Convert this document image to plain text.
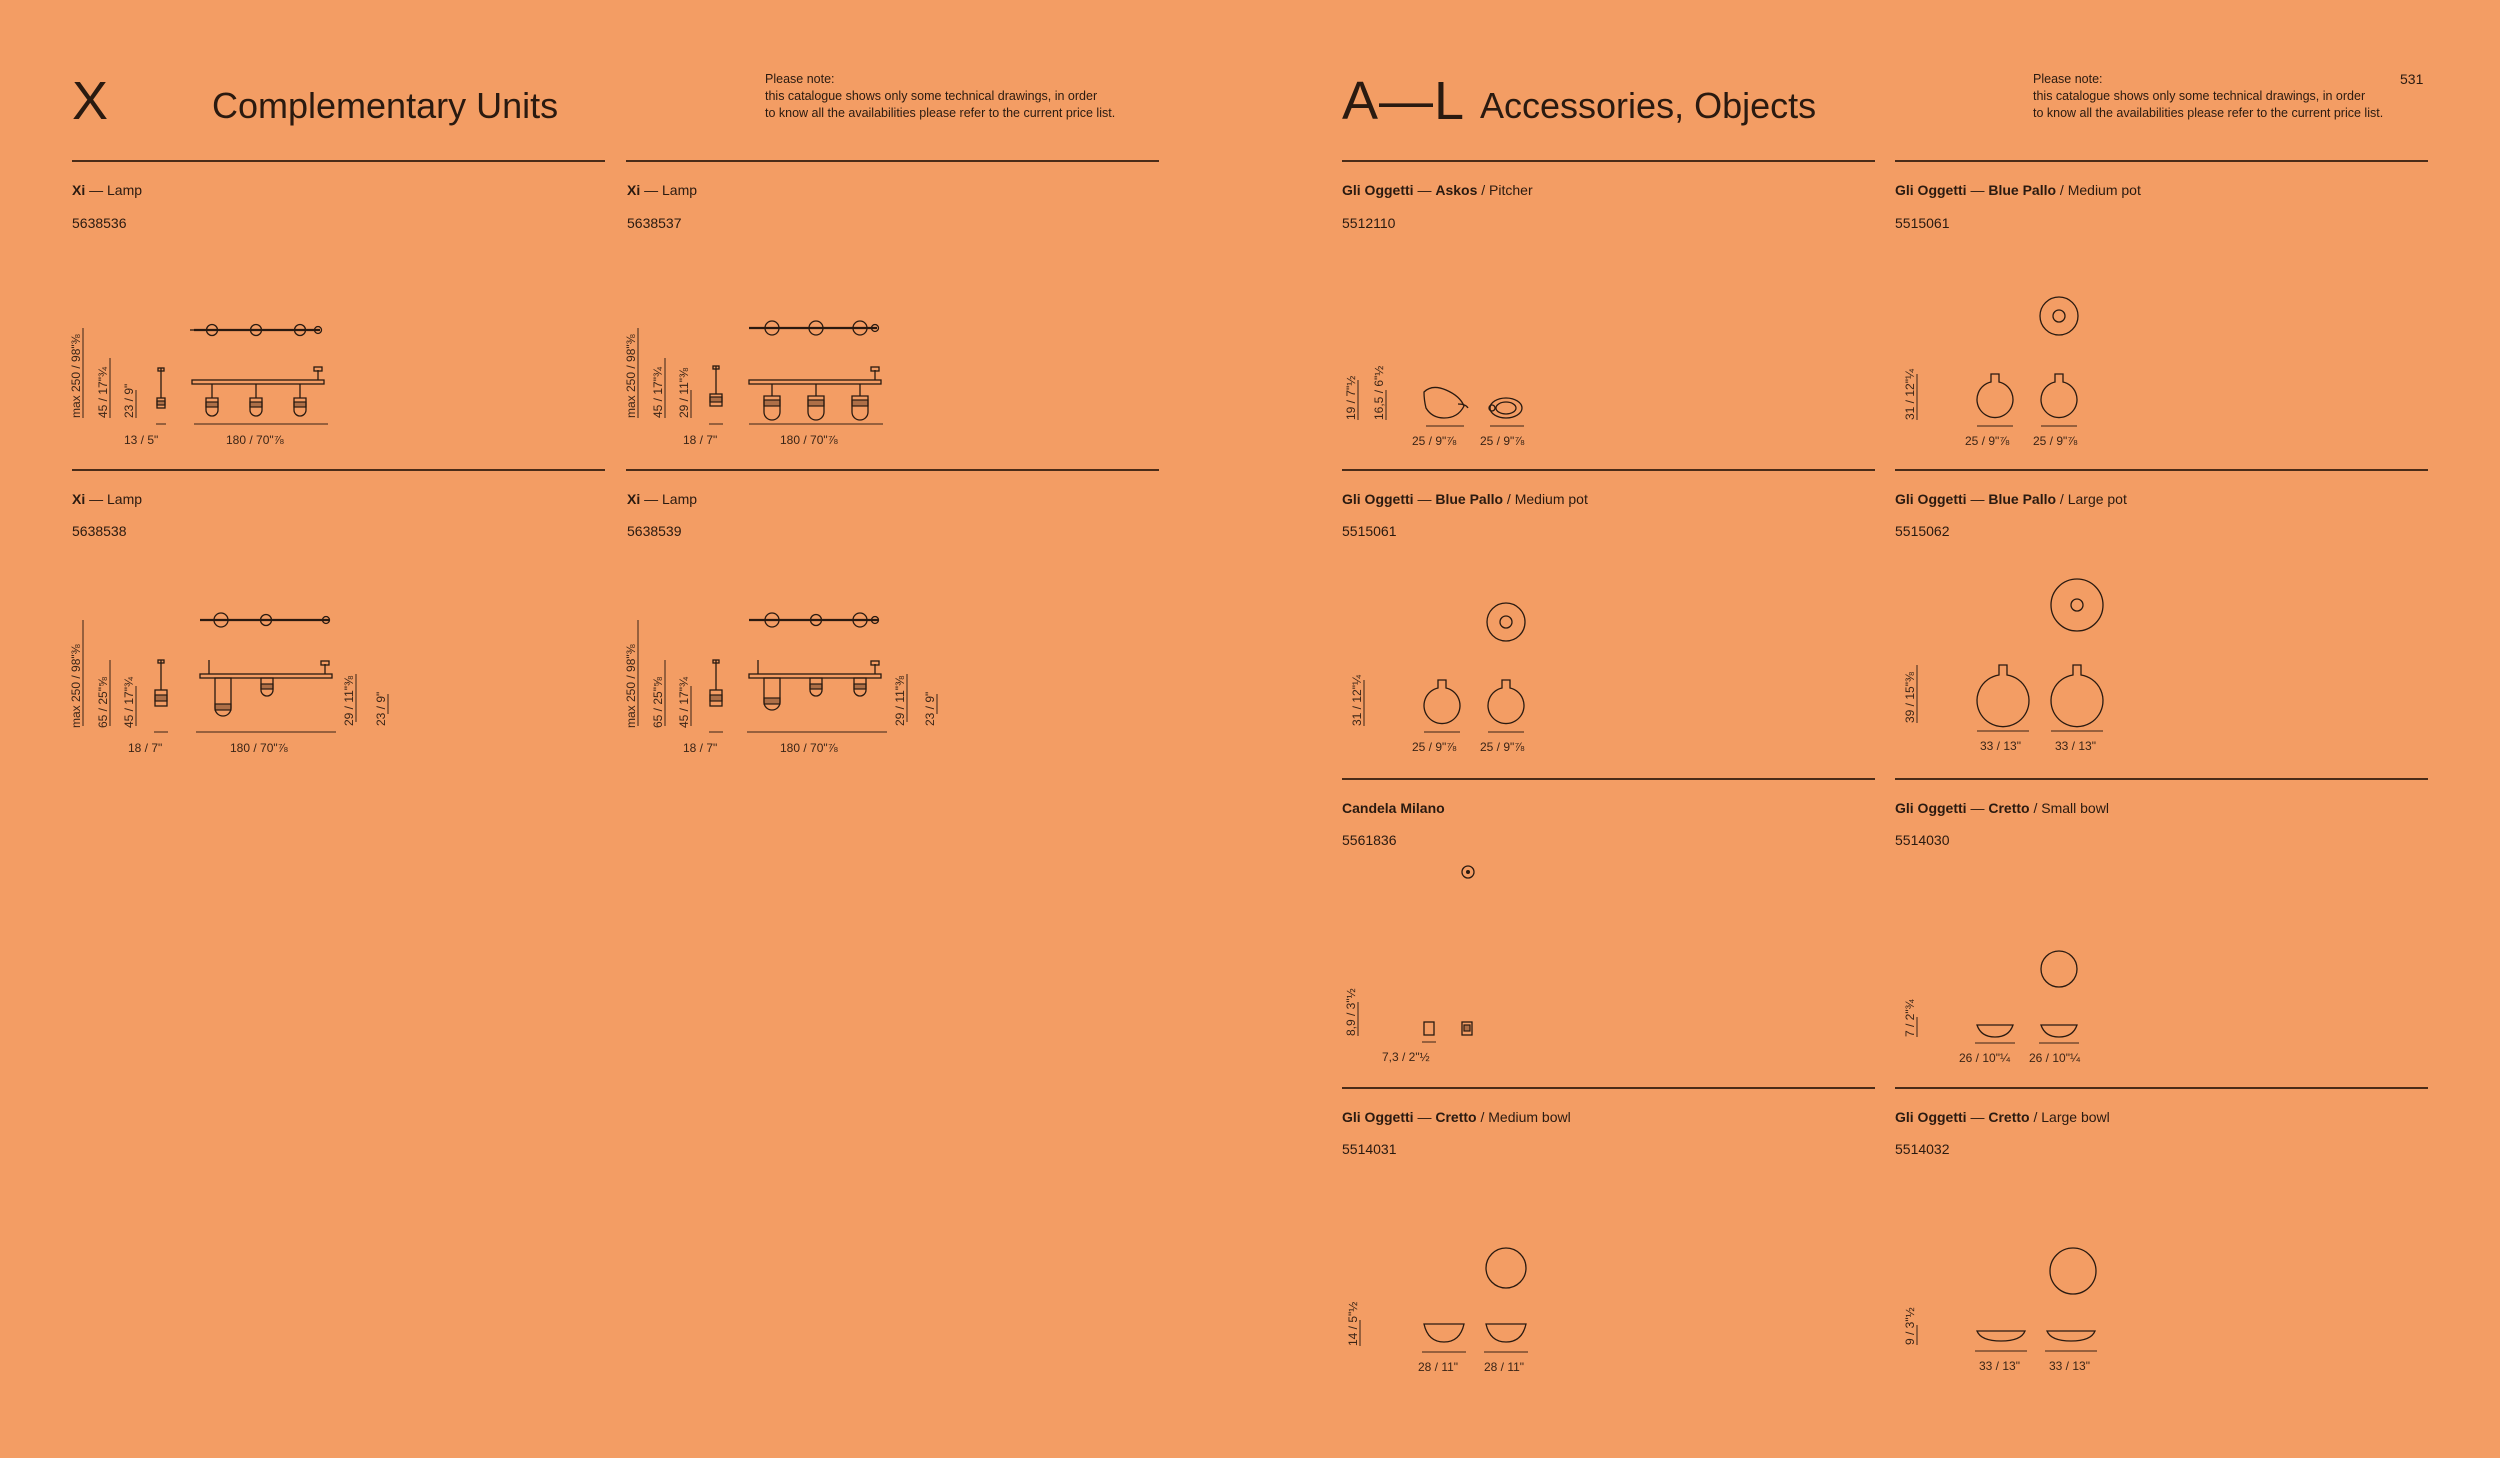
X	Complementary Units
Please note:
this catalogue shows only some technical drawings, in order
to know all the availabilities please refer to the current price list.	A—L Accessories, Objects
Please note:
this catalogue shows only some technical drawings, in order
to know all the availabilities please refer to the current price list.
531
Xi — Lamp
5638536
max 250 / 98"⅜ 45 / 17"¾ 23 / 9"
13 / 5"	180 / 70"⅞
Xi — Lamp
5638537
max 250 / 98"⅜ 45 / 17"¾ 29 / 11"⅜
18 / 7"	180 / 70"⅞
Xi — Lamp
5638538
max 250 / 98"⅜ 65 / 25"⅝ 45 / 17"¾	29 / 11"⅜ 23 / 9"
18 / 7"	180 / 70"⅞
Xi — Lamp
5638539
max 250 / 98"⅜ 65 / 25"⅝ 45 / 17"¾	29 / 11"⅜ 23 / 9"
18 / 7"	180 / 70"⅞
Gli Oggetti — Askos / Pitcher
5512110
19 / 7"½ 16,5 / 6"½
25 / 9"⅞ 25 / 9"⅞
Gli Oggetti — Blue Pallo / Medium pot
5515061
31 / 12"¼
25 / 9"⅞ 25 / 9"⅞
Gli Oggetti — Blue Pallo / Medium pot
5515061
31 / 12"¼
25 / 9"⅞ 25 / 9"⅞
Gli Oggetti — Blue Pallo / Large pot
5515062
39 / 15"⅜
33 / 13"	33 / 13"
Candela Milano
5561836
8,9 / 3"½
7,3 / 2"½
Gli Oggetti — Cretto / Small bowl
5514030
7 / 2"¾
26 / 10"¼ 26 / 10"¼
Gli Oggetti — Cretto / Medium bowl
5514031
14 / 5"½
28 / 11" 28 / 11"
Gli Oggetti — Cretto / Large bowl
5514032
9 / 3"½
33 / 13" 33 / 13"
